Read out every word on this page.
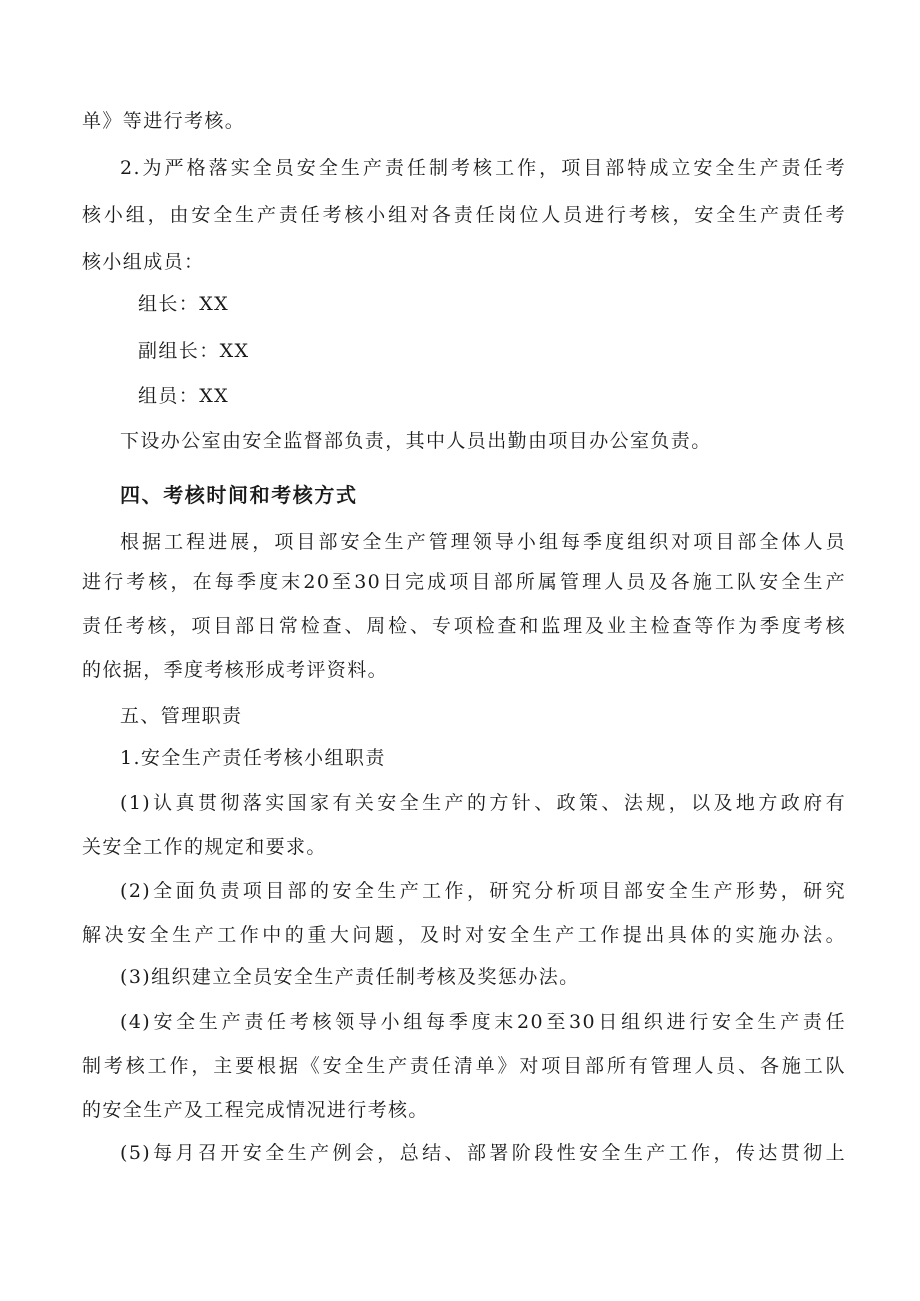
单》等进行考核。
2.为严格落实全员安全生产责任制考核工作，项目部特成立安全生产责任考
核小组，由安全生产责任考核小组对各责任岗位人员进行考核，安全生产责任考
核小组成员：
组长：XX
副组长：XX
组员：XX
下设办公室由安全监督部负责，其中人员出勤由项目办公室负责。
四、考核时间和考核方式
根据工程进展，项目部安全生产管理领导小组每季度组织对项目部全体人员
进行考核，在每季度末20至30日完成项目部所属管理人员及各施工队安全生产
责任考核，项目部日常检查、周检、专项检查和监理及业主检查等作为季度考核
的依据，季度考核形成考评资料。
五、管理职责
1.安全生产责任考核小组职责
(1)认真贯彻落实国家有关安全生产的方针、政策、法规，以及地方政府有
关安全工作的规定和要求。
(2)全面负责项目部的安全生产工作，研究分析项目部安全生产形势，研究
解决安全生产工作中的重大问题，及时对安全生产工作提出具体的实施办法。
(3)组织建立全员安全生产责任制考核及奖惩办法。
(4)安全生产责任考核领导小组每季度末20至30日组织进行安全生产责任
制考核工作，主要根据《安全生产责任清单》对项目部所有管理人员、各施工队
的安全生产及工程完成情况进行考核。
(5)每月召开安全生产例会，总结、部署阶段性安全生产工作，传达贯彻上
